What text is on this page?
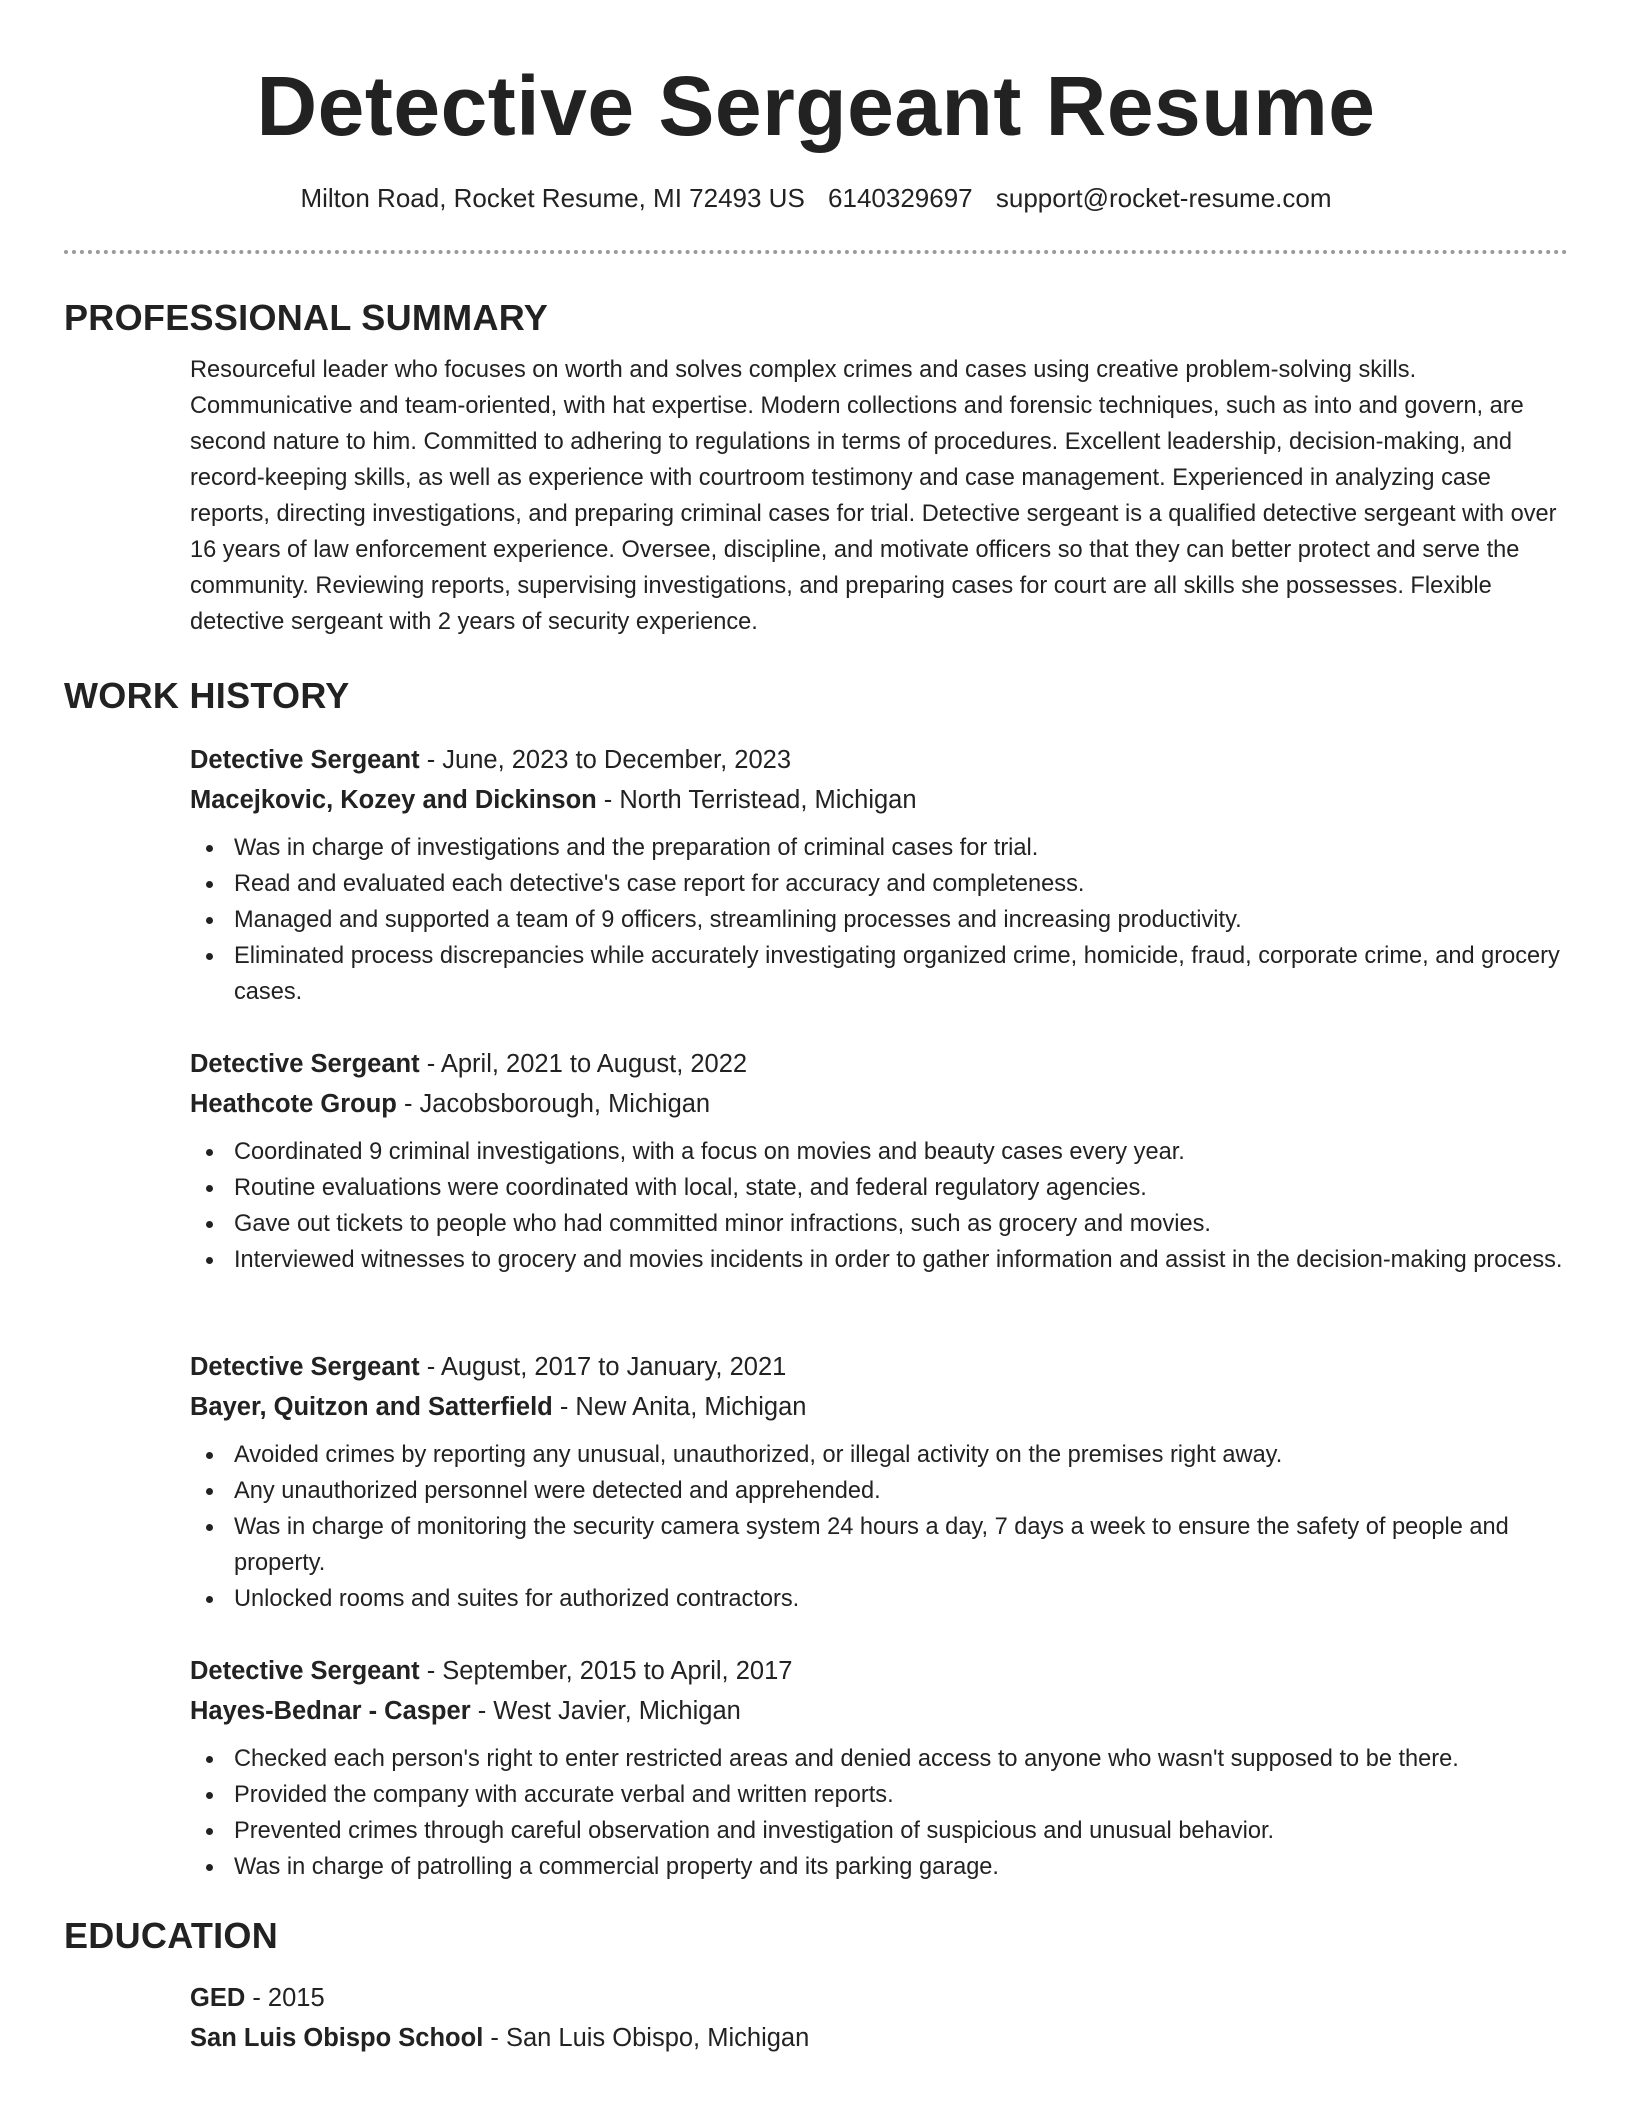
Detective Sergeant Resume
Milton Road, Rocket Resume, MI 72493 US 6140329697 support@rocket-resume.com
PROFESSIONAL SUMMARY
Resourceful leader who focuses on worth and solves complex crimes and cases using creative problem-solving skills. Communicative and team-oriented, with hat expertise. Modern collections and forensic techniques, such as into and govern, are second nature to him. Committed to adhering to regulations in terms of procedures. Excellent leadership, decision-making, and record-keeping skills, as well as experience with courtroom testimony and case management. Experienced in analyzing case reports, directing investigations, and preparing criminal cases for trial. Detective sergeant is a qualified detective sergeant with over 16 years of law enforcement experience. Oversee, discipline, and motivate officers so that they can better protect and serve the community. Reviewing reports, supervising investigations, and preparing cases for court are all skills she possesses. Flexible detective sergeant with 2 years of security experience.
WORK HISTORY

Detective Sergeant - June, 2023 to December, 2023

Macejkovic, Kozey and Dickinson - North Terristead, Michigan

Was in charge of investigations and the preparation of criminal cases for trial.
Read and evaluated each detective's case report for accuracy and completeness.
Managed and supported a team of 9 officers, streamlining processes and increasing productivity.
Eliminated process discrepancies while accurately investigating organized crime, homicide, fraud, corporate crime, and grocery cases.

Detective Sergeant - April, 2021 to August, 2022

Heathcote Group - Jacobsborough, Michigan

Coordinated 9 criminal investigations, with a focus on movies and beauty cases every year.
Routine evaluations were coordinated with local, state, and federal regulatory agencies.
Gave out tickets to people who had committed minor infractions, such as grocery and movies.
Interviewed witnesses to grocery and movies incidents in order to gather information and assist in the decision-making process.

Detective Sergeant - August, 2017 to January, 2021

Bayer, Quitzon and Satterfield - New Anita, Michigan

Avoided crimes by reporting any unusual, unauthorized, or illegal activity on the premises right away.
Any unauthorized personnel were detected and apprehended.
Was in charge of monitoring the security camera system 24 hours a day, 7 days a week to ensure the safety of people and property.
Unlocked rooms and suites for authorized contractors.

Detective Sergeant - September, 2015 to April, 2017

Hayes-Bednar - Casper - West Javier, Michigan

Checked each person's right to enter restricted areas and denied access to anyone who wasn't supposed to be there.
Provided the company with accurate verbal and written reports.
Prevented crimes through careful observation and investigation of suspicious and unusual behavior.
Was in charge of patrolling a commercial property and its parking garage.
EDUCATION

GED - 2015

San Luis Obispo School - San Luis Obispo, Michigan
